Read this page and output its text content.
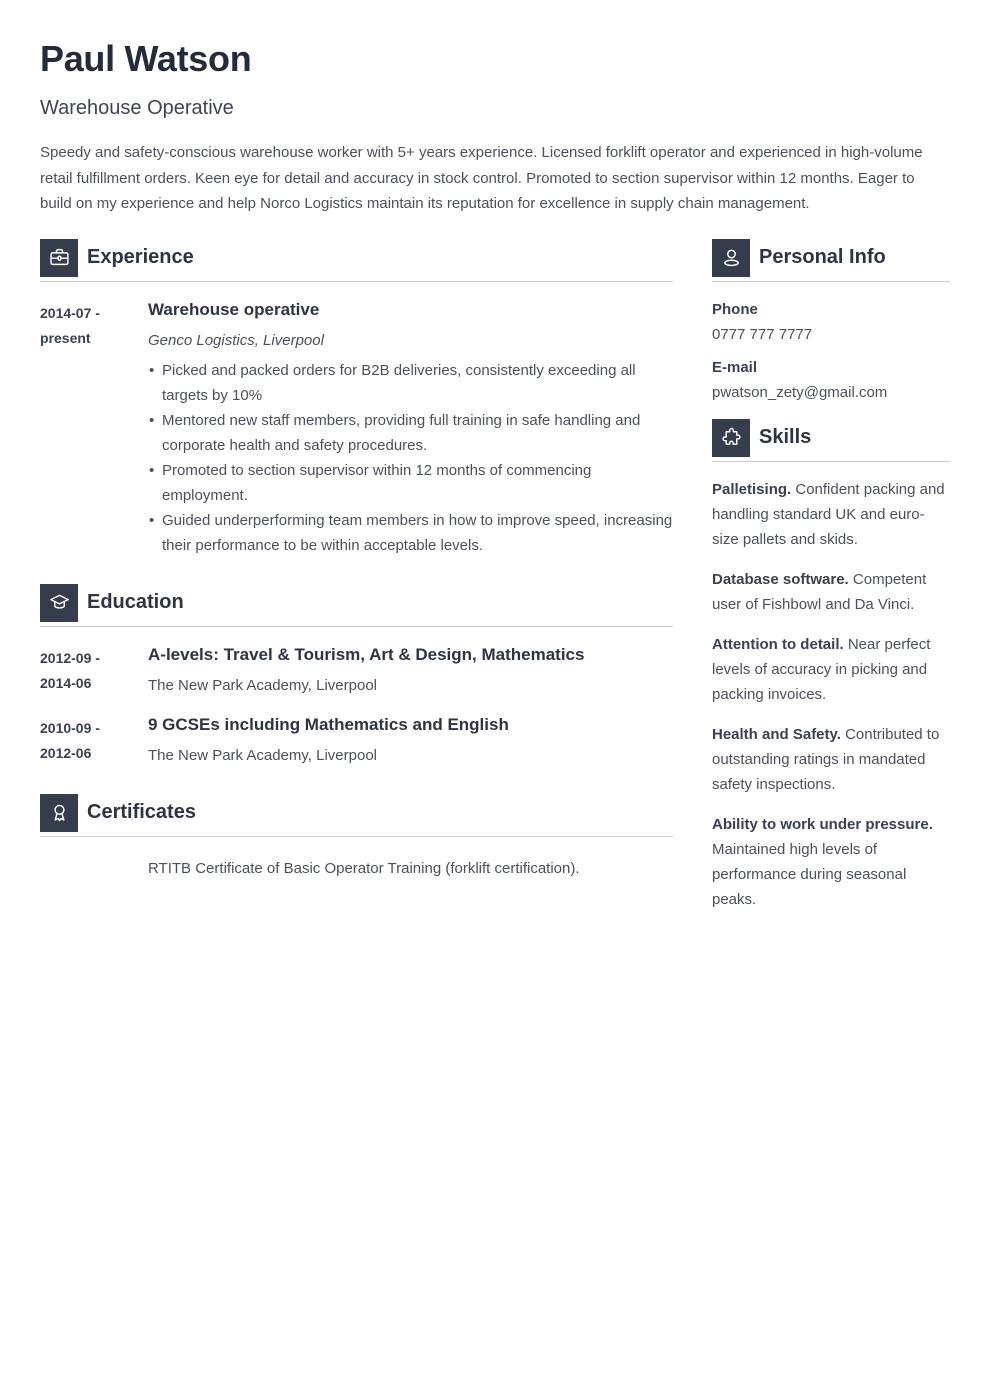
Paul Watson
Warehouse Operative

Speedy and safety-conscious warehouse worker with 5+ years experience. Licensed forklift operator and experienced in high-volume retail fulfillment orders. Keen eye for detail and accuracy in stock control. Promoted to section supervisor within 12 months. Eager to build on my experience and help Norco Logistics maintain its reputation for excellence in supply chain management.

Experience
2014-07 -
present
Warehouse operative
Genco Logistics, Liverpool
• Picked and packed orders for B2B deliveries, consistently exceeding all targets by 10%
• Mentored new staff members, providing full training in safe handling and corporate health and safety procedures.
• Promoted to section supervisor within 12 months of commencing employment.
• Guided underperforming team members in how to improve speed, increasing their performance to be within acceptable levels.
Education
2012-09 -
2014-06
A-levels: Travel & Tourism, Art & Design, Mathematics
The New Park Academy, Liverpool
2010-09 -
2012-06
9 GCSEs including Mathematics and English
The New Park Academy, Liverpool
Certificates
RTITB Certificate of Basic Operator Training (forklift certification).
Personal Info
Phone
0777 777 7777
E-mail
pwatson_zety@gmail.com
Skills

Palletising. Confident packing and handling standard UK and euro-size pallets and skids.

Database software. Competent user of Fishbowl and Da Vinci.

Attention to detail. Near perfect levels of accuracy in picking and packing invoices.

Health and Safety. Contributed to outstanding ratings in mandated safety inspections.

Ability to work under pressure. Maintained high levels of performance during seasonal peaks.
